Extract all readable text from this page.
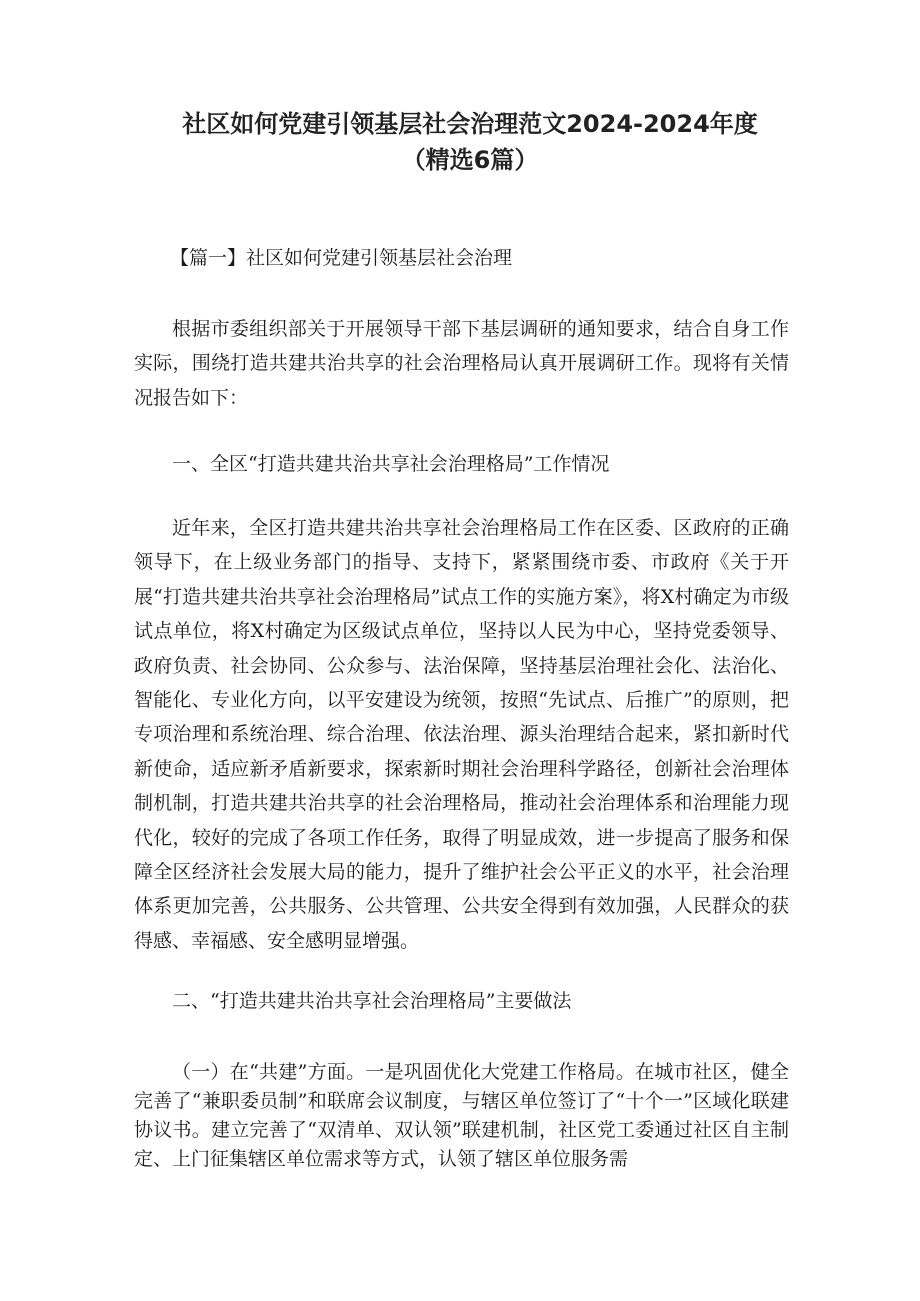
社区如何党建引领基层社会治理范文2024-2024年度
（精选6篇）

【篇一】社区如何党建引领基层社会治理

根据市委组织部关于开展领导干部下基层调研的通知要求，结合自身工作实际，围绕打造共建共治共享的社会治理格局认真开展调研工作。现将有关情况报告如下：

一、全区“打造共建共治共享社会治理格局”工作情况

近年来，全区打造共建共治共享社会治理格局工作在区委、区政府的正确领导下，在上级业务部门的指导、支持下，紧紧围绕市委、市政府《关于开展“打造共建共治共享社会治理格局”试点工作的实施方案》，将X村确定为市级试点单位，将X村确定为区级试点单位，坚持以人民为中心，坚持党委领导、政府负责、社会协同、公众参与、法治保障，坚持基层治理社会化、法治化、智能化、专业化方向，以平安建设为统领，按照“先试点、后推广”的原则，把专项治理和系统治理、综合治理、依法治理、源头治理结合起来，紧扣新时代新使命，适应新矛盾新要求，探索新时期社会治理科学路径，创新社会治理体制机制，打造共建共治共享的社会治理格局，推动社会治理体系和治理能力现代化，较好的完成了各项工作任务，取得了明显成效，进一步提高了服务和保障全区经济社会发展大局的能力，提升了维护社会公平正义的水平，社会治理体系更加完善，公共服务、公共管理、公共安全得到有效加强，人民群众的获得感、幸福感、安全感明显增强。

二、“打造共建共治共享社会治理格局”主要做法

（一）在“共建”方面。一是巩固优化大党建工作格局。在城市社区，健全完善了“兼职委员制”和联席会议制度，与辖区单位签订了“十个一”区域化联建协议书。建立完善了“双清单、双认领”联建机制，社区党工委通过社区自主制定、上门征集辖区单位需求等方式，认领了辖区单位服务需
